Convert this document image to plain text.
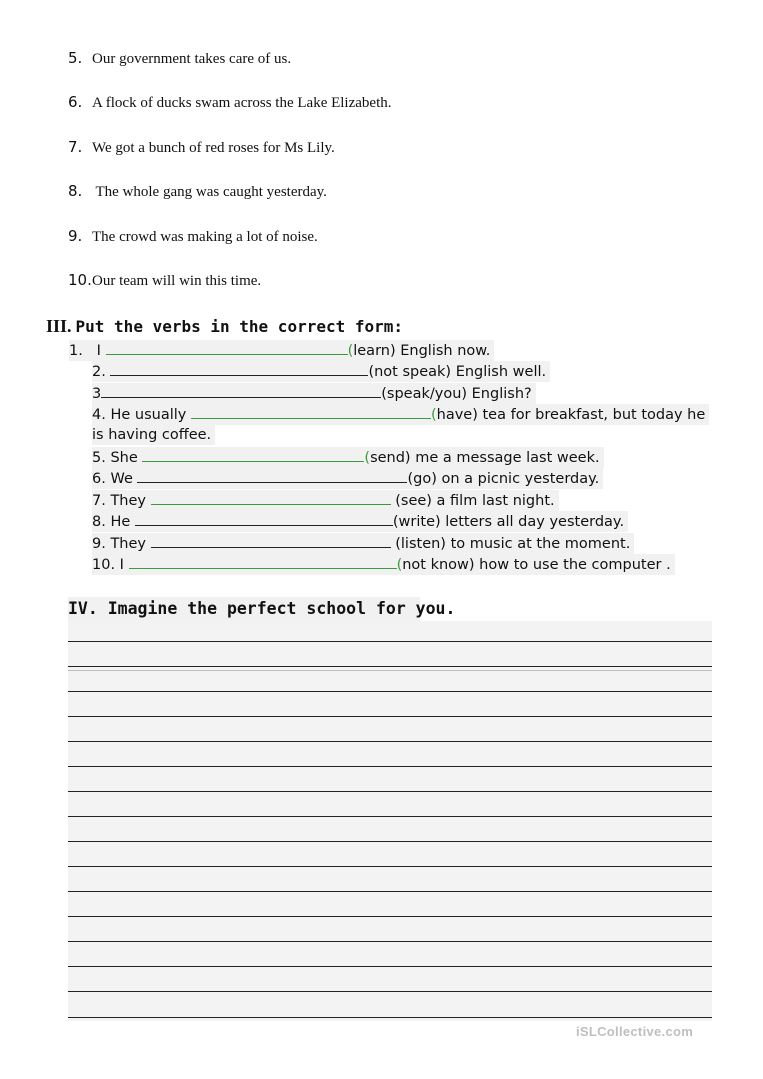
5. Our government takes care of us.
6. A flock of ducks swam across the Lake Elizabeth.
7. We got a bunch of red roses for Ms Lily.
8. The whole gang was caught yesterday.
9. The crowd was making a lot of noise.
10.Our team will win this time.
III. Put the verbs in the correct form:
1. I	(learn) English now.
2.	(not speak) English well.
3	(speak/you) English?
4. He usually	(have) tea for breakfast, but today he
is having coffee.
5. She	(send) me a message last week.
6. We	(go) on a picnic yesterday.
7. They	(see) a film last night.
8. He	(write) letters all day yesterday.
9. They	(listen) to music at the moment.
10. I	(not know) how to use the computer .
IV. Imagine the perfect school for you.
iSLCollective.com
